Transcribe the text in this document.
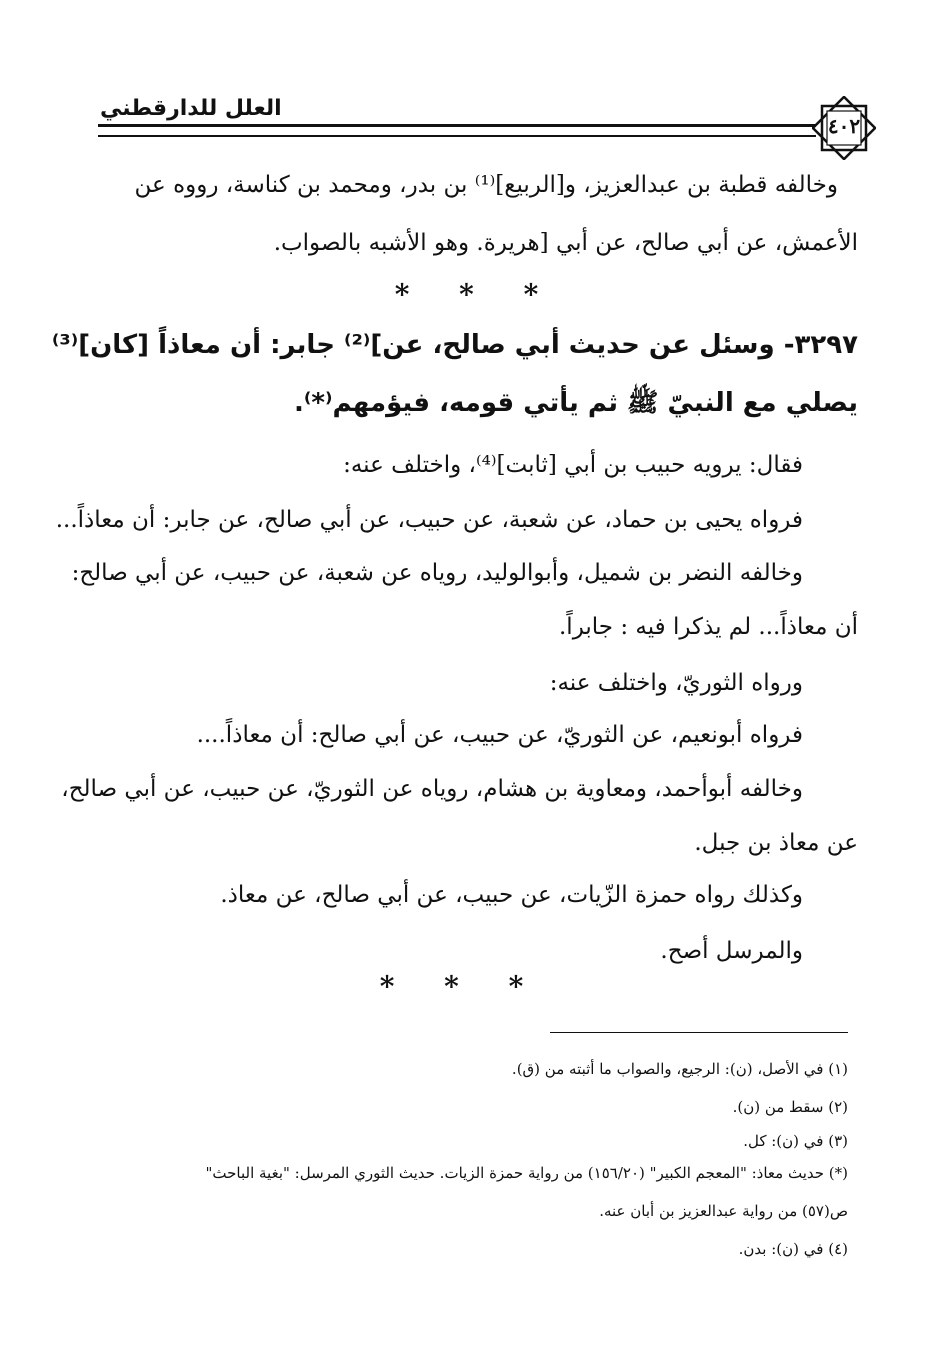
العلل للدارقطني
٤٠٢
وخالفه قطبة بن عبدالعزيز، و[الربيع]⁽¹⁾ بن بدر، ومحمد بن كناسة، رووه عن
الأعمش، عن أبي صالح، عن أبي [هريرة. وهو الأشبه بالصواب.
* * *
٣٢٩٧- وسئل عن حديث أبي صالح، عن]⁽²⁾ جابر: أن معاذاً [كان]⁽³⁾
يصلي مع النبيّ ﷺ ثم يأتي قومه، فيؤمهم⁽*⁾.
فقال: يرويه حبيب بن أبي [ثابت]⁽⁴⁾، واختلف عنه:
فرواه يحيى بن حماد، عن شعبة، عن حبيب، عن أبي صالح، عن جابر: أن معاذاً...
وخالفه النضر بن شميل، وأبوالوليد، روياه عن شعبة، عن حبيب، عن أبي صالح:
أن معاذاً... لم يذكرا فيه : جابراً.
ورواه الثوريّ، واختلف عنه:
فرواه أبونعيم، عن الثوريّ، عن حبيب، عن أبي صالح: أن معاذاً....
وخالفه أبوأحمد، ومعاوية بن هشام، روياه عن الثوريّ، عن حبيب، عن أبي صالح،
عن معاذ بن جبل.
وكذلك رواه حمزة الزّيات، عن حبيب، عن أبي صالح، عن معاذ.
والمرسل أصح.
* * *
(١) في الأصل، (ن): الرجيع، والصواب ما أثبته من (ق).
(٢) سقط من (ن).
(٣) في (ن): كل.
(*) حديث معاذ: "المعجم الكبير" (١٥٦/٢٠) من رواية حمزة الزيات. حديث الثوري المرسل: "بغية الباحث"
ص(٥٧) من رواية عبدالعزيز بن أبان عنه.
(٤) في (ن): بدن.
